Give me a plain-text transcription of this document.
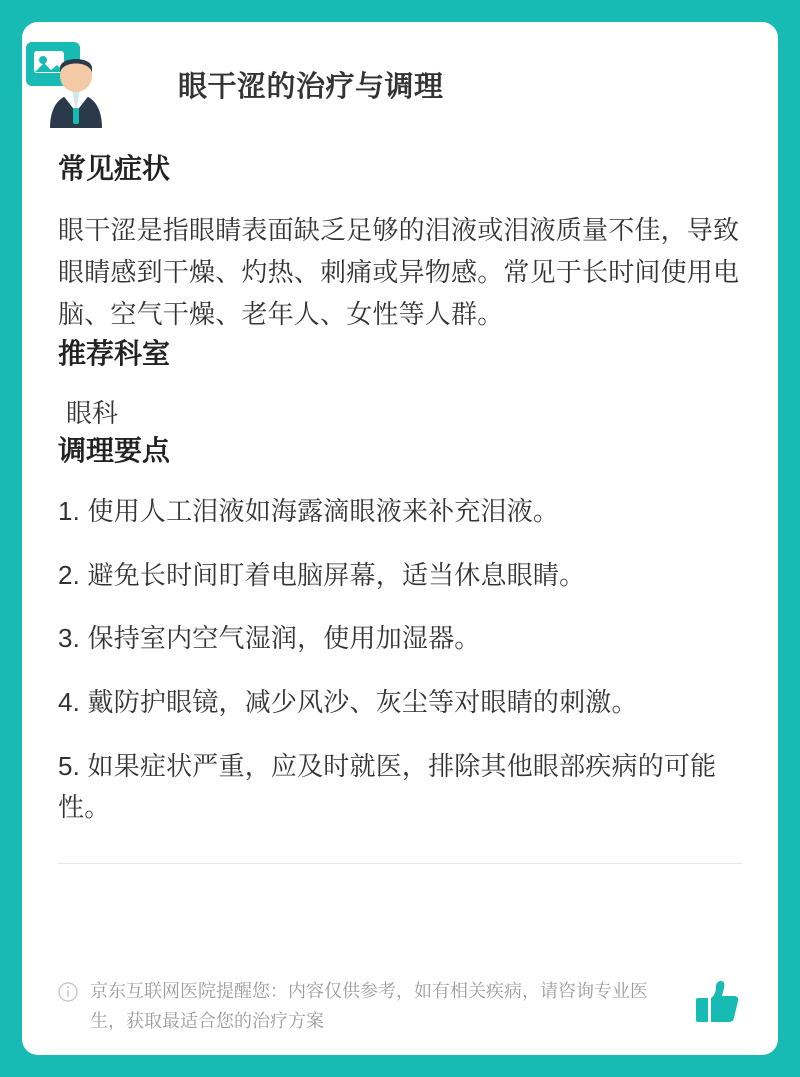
眼干涩的治疗与调理
常见症状

眼干涩是指眼睛表面缺乏足够的泪液或泪液质量不佳，导致眼睛感到干燥、灼热、刺痛或异物感。常见于长时间使用电脑、空气干燥、老年人、女性等人群。

推荐科室

眼科

调理要点
1. 使用人工泪液如海露滴眼液来补充泪液。
2. 避免长时间盯着电脑屏幕，适当休息眼睛。
3. 保持室内空气湿润，使用加湿器。
4. 戴防护眼镜，减少风沙、灰尘等对眼睛的刺激。
5. 如果症状严重，应及时就医，排除其他眼部疾病的可能性。
京东互联网医院提醒您：内容仅供参考，如有相关疾病，请咨询专业医生，获取最适合您的治疗方案
